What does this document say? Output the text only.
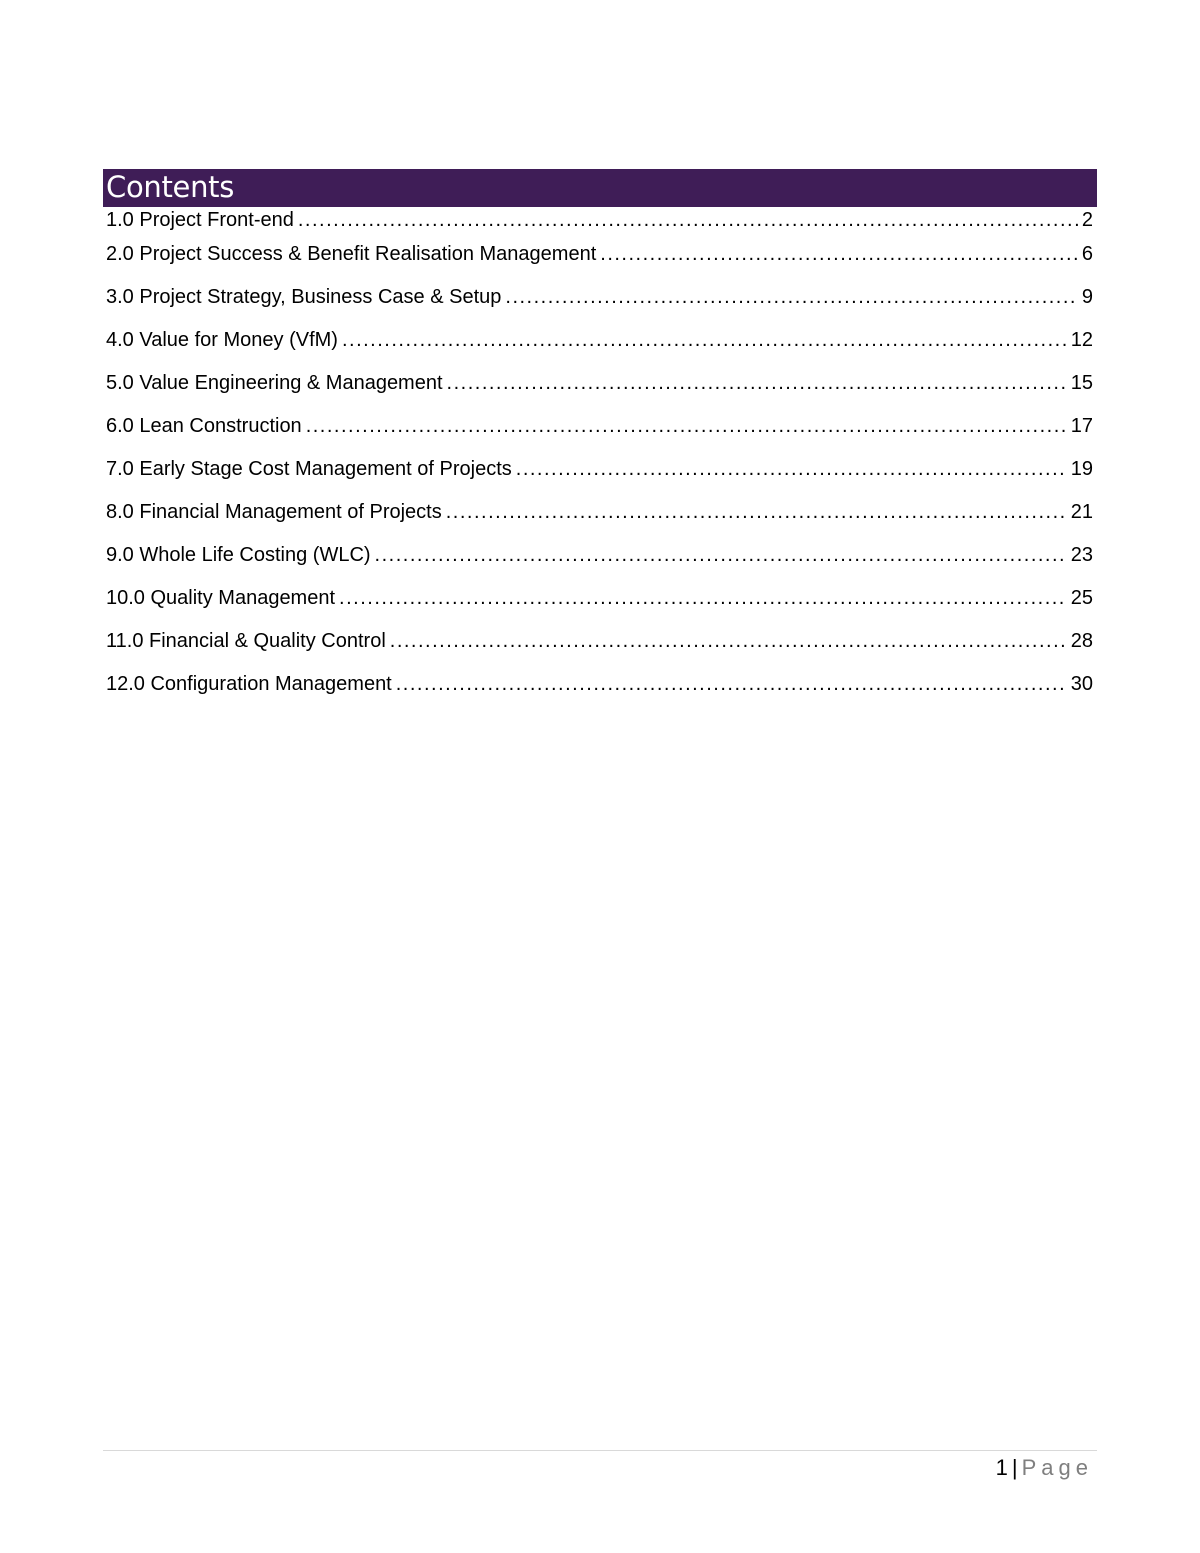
Contents
1.0 Project Front-end .....	2
2.0 Project Success & Benefit Realisation Management .....	6
3.0 Project Strategy, Business Case & Setup .....	9
4.0 Value for Money (VfM) .....	12
5.0 Value Engineering & Management .....	15
6.0 Lean Construction .....	17
7.0 Early Stage Cost Management of Projects .....	19
8.0 Financial Management of Projects .....	21
9.0 Whole Life Costing (WLC) .....	23
10.0 Quality Management .....	25
11.0 Financial & Quality Control .....	28
12.0 Configuration Management .....	30
1 | Page
